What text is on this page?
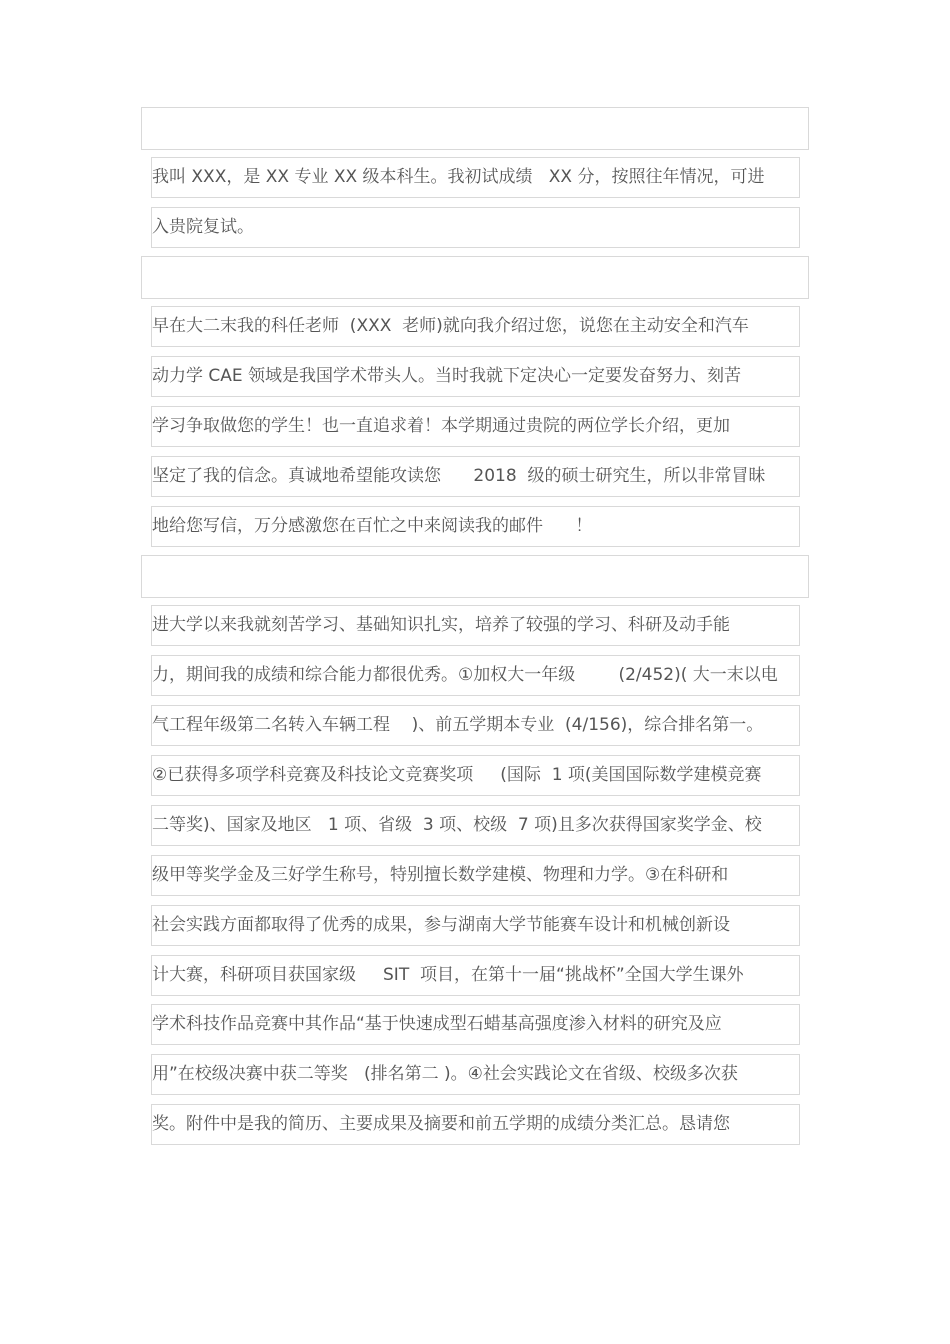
我叫 XXX，是 XX 专业 XX 级本科生。我初试成绩   XX 分，按照往年情况，可进
入贵院复试。
早在大二末我的科任老师  (XXX  老师)就向我介绍过您，说您在主动安全和汽车
动力学 CAE 领域是我国学术带头人。当时我就下定决心一定要发奋努力、刻苦
学习争取做您的学生！也一直追求着！本学期通过贵院的两位学长介绍，更加
坚定了我的信念。真诚地希望能攻读您      2018  级的硕士研究生，所以非常冒昧
地给您写信，万分感激您在百忙之中来阅读我的邮件      ！
进大学以来我就刻苦学习、基础知识扎实，培养了较强的学习、科研及动手能
力，期间我的成绩和综合能力都很优秀。①加权大一年级        (2/452)( 大一末以电
气工程年级第二名转入车辆工程    )、前五学期本专业  (4/156)，综合排名第一。
②已获得多项学科竞赛及科技论文竞赛奖项     (国际  1 项(美国国际数学建模竞赛
二等奖)、国家及地区   1 项、省级  3 项、校级  7 项)且多次获得国家奖学金、校
级甲等奖学金及三好学生称号，特别擅长数学建模、物理和力学。③在科研和
社会实践方面都取得了优秀的成果，参与湖南大学节能赛车设计和机械创新设
计大赛，科研项目获国家级     SIT  项目，在第十一届“挑战杯”全国大学生课外
学术科技作品竞赛中其作品“基于快速成型石蜡基高强度渗入材料的研究及应
用”在校级决赛中获二等奖   (排名第二 )。④社会实践论文在省级、校级多次获
奖。附件中是我的简历、主要成果及摘要和前五学期的成绩分类汇总。恳请您
